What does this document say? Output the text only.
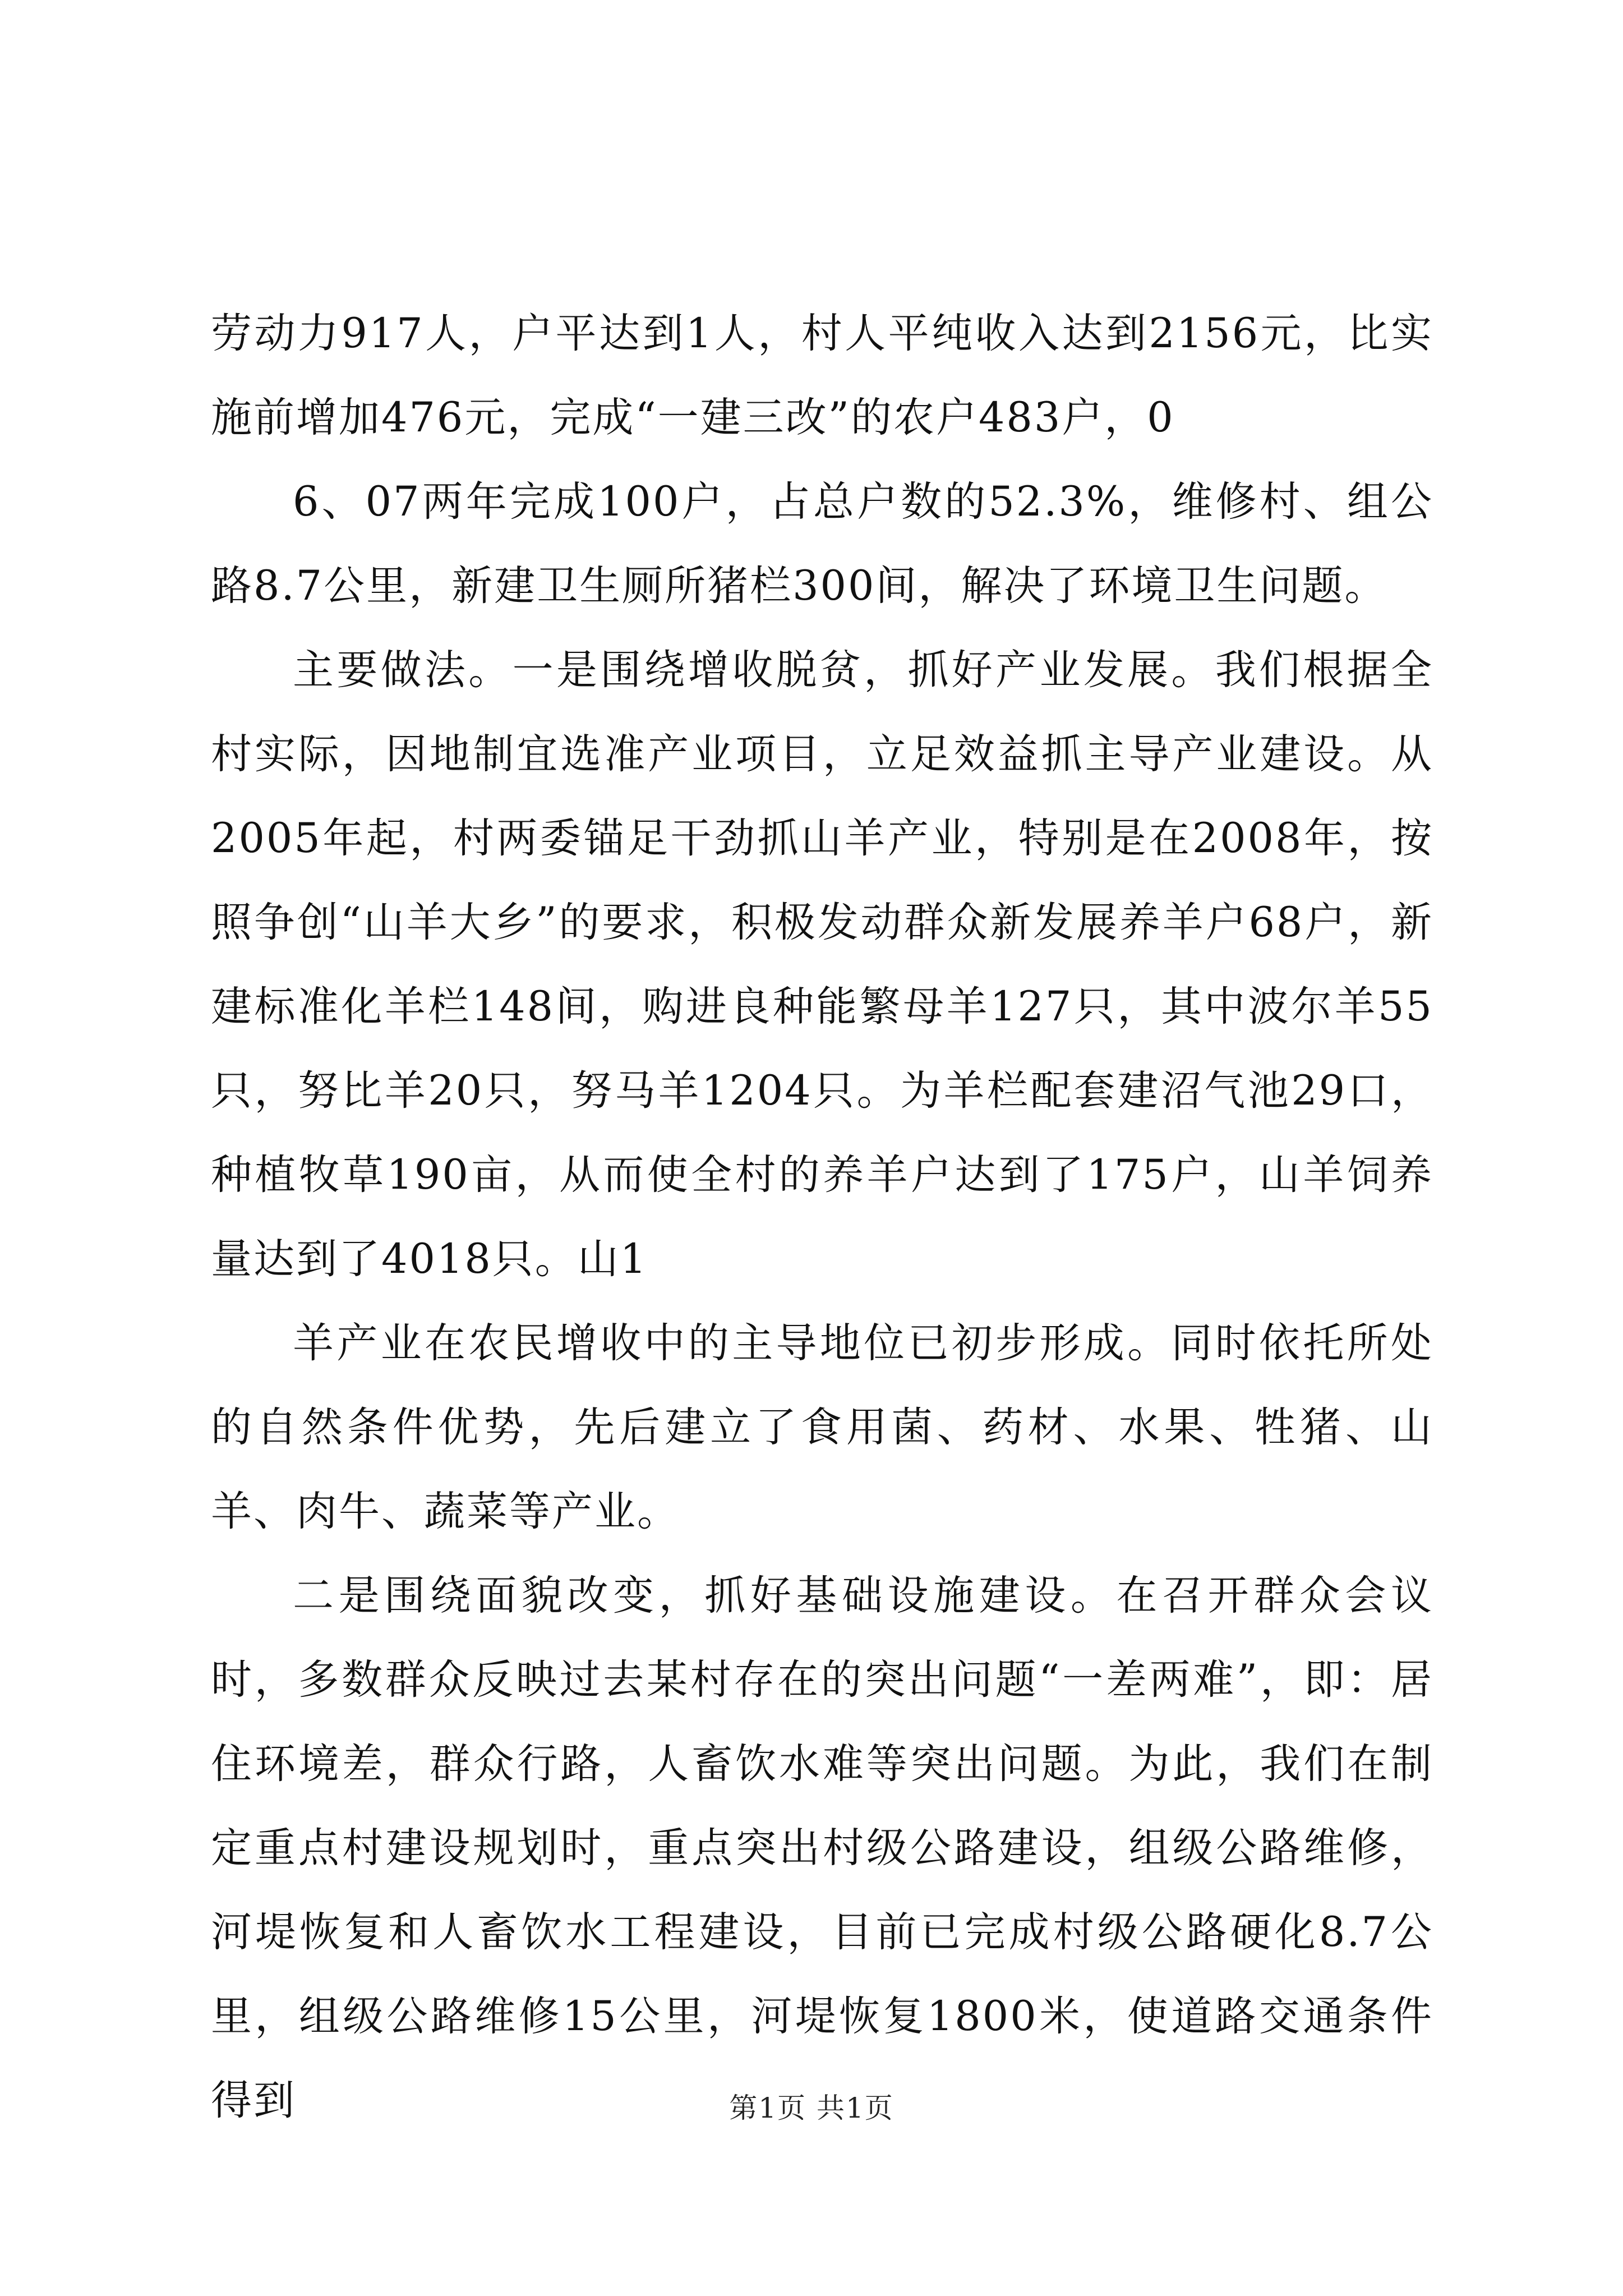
劳动力917人，户平达到1人，村人平纯收入达到2156元，比实施前增加476元，完成“一建三改”的农户483户，0

6、07两年完成100户，占总户数的52.3%，维修村、组公路8.7公里，新建卫生厕所猪栏300间，解决了环境卫生问题。

主要做法。一是围绕增收脱贫，抓好产业发展。我们根据全村实际，因地制宜选准产业项目，立足效益抓主导产业建设。从2005年起，村两委锚足干劲抓山羊产业，特别是在2008年，按照争创“山羊大乡”的要求，积极发动群众新发展养羊户68户，新建标准化羊栏148间，购进良种能繁母羊127只，其中波尔羊55只，努比羊20只，努马羊1204只。为羊栏配套建沼气池29口，种植牧草190亩，从而使全村的养羊户达到了175户，山羊饲养量达到了4018只。山1

羊产业在农民增收中的主导地位已初步形成。同时依托所处的自然条件优势，先后建立了食用菌、药材、水果、牲猪、山羊、肉牛、蔬菜等产业。

二是围绕面貌改变，抓好基础设施建设。在召开群众会议时，多数群众反映过去某村存在的突出问题“一差两难”，即：居住环境差，群众行路，人畜饮水难等突出问题。为此，我们在制定重点村建设规划时，重点突出村级公路建设，组级公路维修，河堤恢复和人畜饮水工程建设，目前已完成村级公路硬化8.7公里，组级公路维修15公里，河堤恢复1800米，使道路交通条件得到	第1页 共1页
